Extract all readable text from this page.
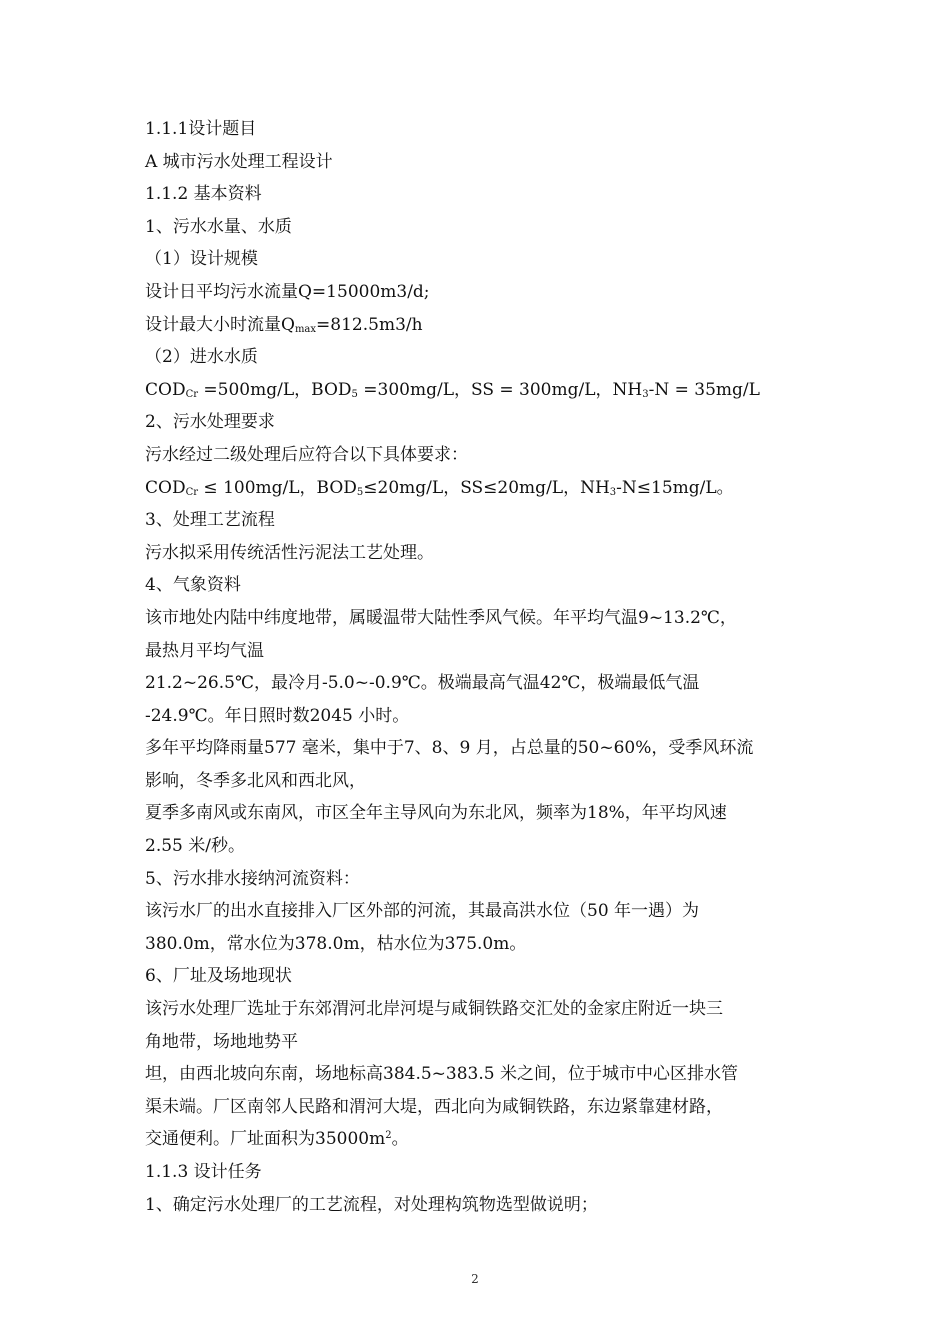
1.1.1设计题目
A 城市污水处理工程设计
1.1.2 基本资料
1、污水水量、水质
（1）设计规模
设计日平均污水流量Q=15000m3/d;
设计最大小时流量$Q_{max}=812.5m3/h$
（2）进水水质
$COD_{Cr} =500mg/L$，$BOD_5 =300mg/L$，SS = 300mg/L，$NH_3-N = 35mg/L$
2、污水处理要求
污水经过二级处理后应符合以下具体要求：
$COD_{Cr} \le 100mg/L$，$BOD_5\le 20mg/L$，SS≤20mg/L，$NH_3-N\le 15mg/L$。
3、处理工艺流程
污水拟采用传统活性污泥法工艺处理。
4、气象资料
该市地处内陆中纬度地带，属暖温带大陆性季风气候。年平均气温9~13.2℃，
最热月平均气温
21.2~26.5℃，最冷月-5.0~-0.9℃。极端最高气温42℃，极端最低气温
-24.9℃。年日照时数2045 小时。
多年平均降雨量577 毫米，集中于7、8、9 月，占总量的50~60%，受季风环流
影响，冬季多北风和西北风，
夏季多南风或东南风，市区全年主导风向为东北风，频率为18%，年平均风速
2.55 米/秒。
5、污水排水接纳河流资料：
该污水厂的出水直接排入厂区外部的河流，其最高洪水位（50 年一遇）为
380.0m，常水位为378.0m，枯水位为375.0m。
6、厂址及场地现状
该污水处理厂选址于东郊渭河北岸河堤与咸铜铁路交汇处的金家庄附近一块三
角地带，场地地势平
坦，由西北坡向东南，场地标高384.5~383.5 米之间，位于城市中心区排水管
渠未端。厂区南邻人民路和渭河大堤，西北向为咸铜铁路，东边紧靠建材路，
交通便利。厂址面积为$35000m^2$。
1.1.3 设计任务
1、确定污水处理厂的工艺流程，对处理构筑物选型做说明；
2
